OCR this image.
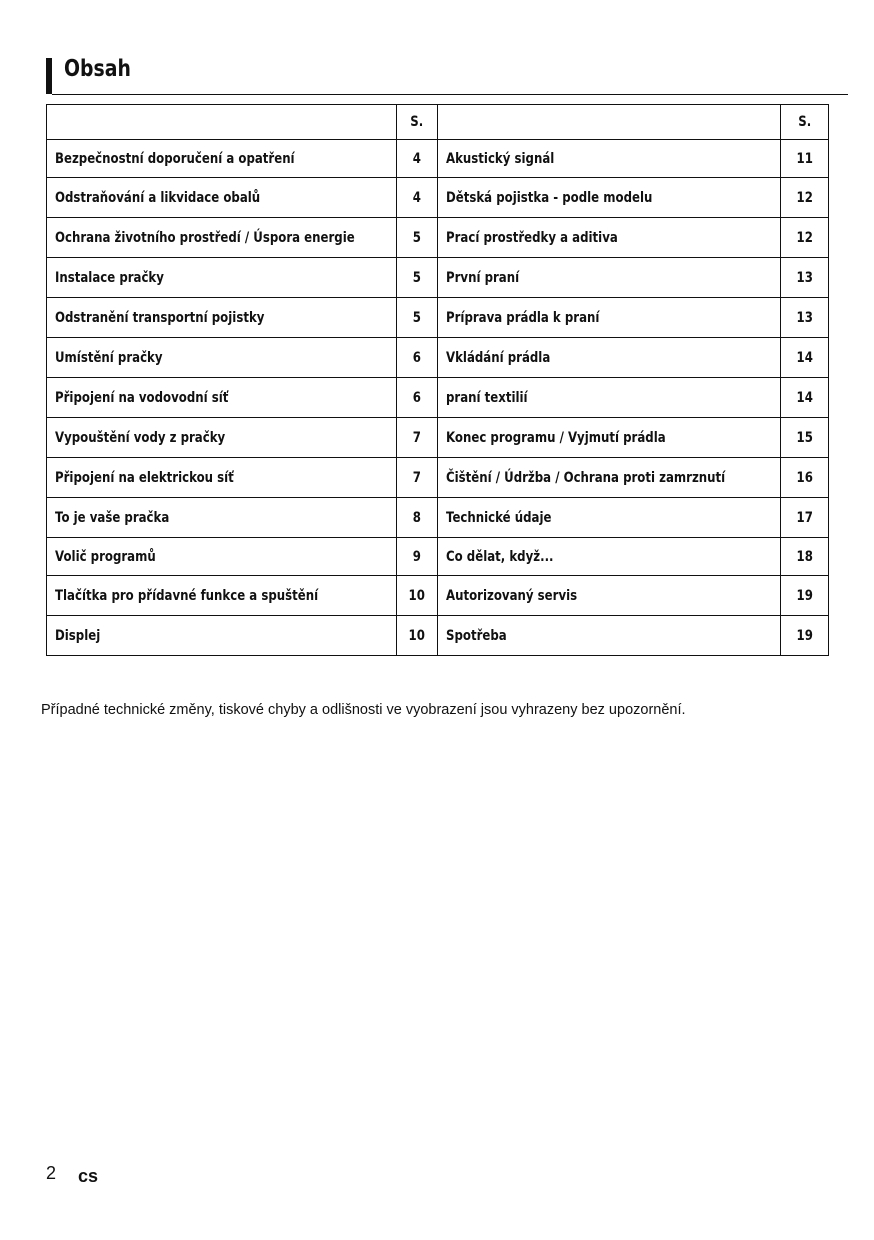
Obsah
	S.		S.
Bezpečnostní doporučení a opatření	4	Akustický signál	11
Odstraňování a likvidace obalů	4	Dětská pojistka - podle modelu	12
Ochrana životního prostředí / Úspora energie	5	Prací prostředky a aditiva	12
Instalace pračky	5	První praní	13
Odstranění transportní pojistky	5	Príprava prádla k praní	13
Umístění pračky	6	Vkládání prádla	14
Připojení na vodovodní síť	6	praní textilií	14
Vypouštění vody z pračky	7	Konec programu / Vyjmutí prádla	15
Připojení na elektrickou síť	7	Čištění / Údržba / Ochrana proti zamrznutí	16
To je vaše pračka	8	Technické údaje	17
Volič programů	9	Co dělat, když...	18
Tlačítka pro přídavné funkce a spuštění	10	Autorizovaný servis	19
Displej	10	Spotřeba	19
Případné technické změny, tiskové chyby a odlišnosti ve vyobrazení jsou vyhrazeny bez upozornění.
2 cs
